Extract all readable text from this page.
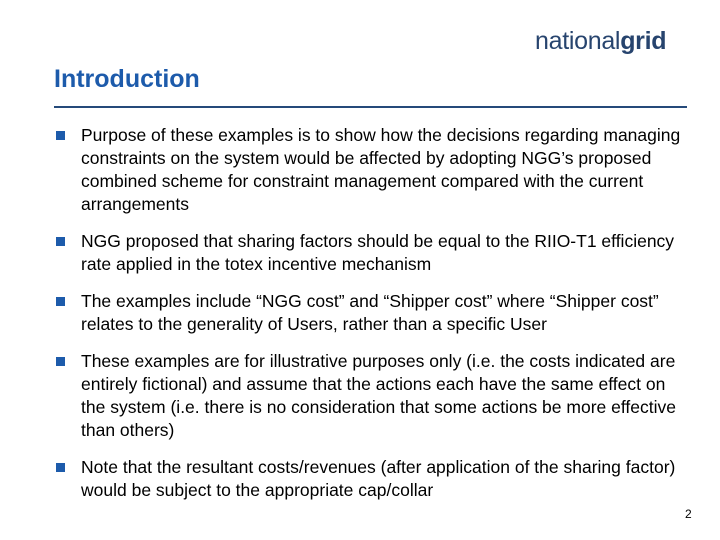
nationalgrid
Introduction
Purpose of these examples is to show how the decisions regarding managing constraints on the system would be affected by adopting NGG’s proposed combined scheme for constraint management compared with the current arrangements
NGG proposed that sharing factors should be equal to the RIIO-T1 efficiency rate applied in the totex incentive mechanism
The examples include “NGG cost” and “Shipper cost” where “Shipper cost” relates to the generality of Users, rather than a specific User
These examples are for illustrative purposes only (i.e. the costs indicated are entirely fictional) and assume that the actions each have the same effect on the system (i.e. there is no consideration that some actions be more effective than others)
Note that the resultant costs/revenues (after application of the sharing factor) would be subject to the appropriate cap/collar
2
